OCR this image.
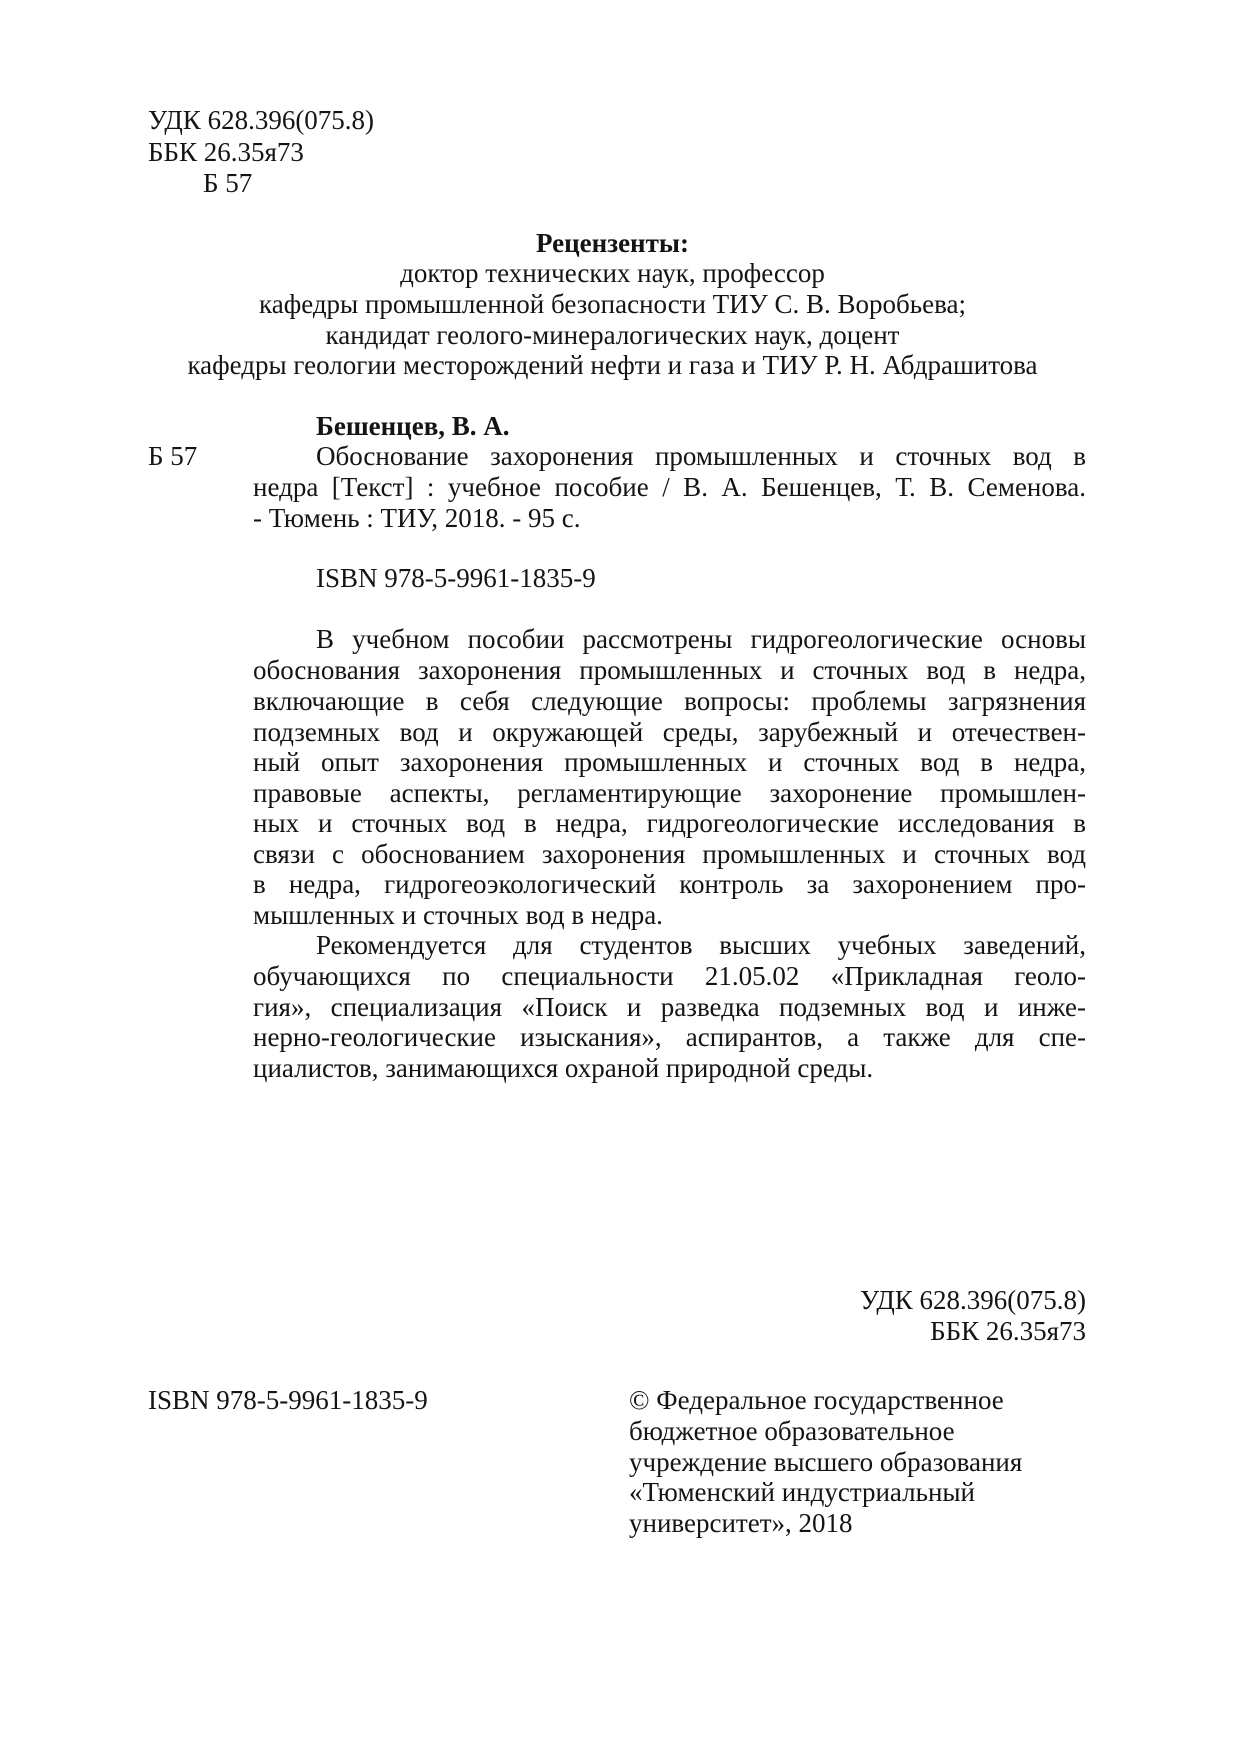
УДК 628.396(075.8)
ББК 26.35я73
Б 57
Рецензенты:
доктор технических наук, профессор
кафедры промышленной безопасности ТИУ С. В. Воробьева;
кандидат геолого-минералогических наук, доцент
кафедры геологии месторождений нефти и газа и ТИУ Р. Н. Абдрашитова
Бешенцев, В. А.
Б 57	Обоснование захоронения промышленных и сточных вод в
недра [Текст] : учебное пособие / В. А. Бешенцев, Т. В. Семенова.
- Тюмень : ТИУ, 2018. - 95 с.
ISBN 978-5-9961-1835-9
В учебном пособии рассмотрены гидрогеологические основы
обоснования захоронения промышленных и сточных вод в недра,
включающие в себя следующие вопросы: проблемы загрязнения
подземных вод и окружающей среды, зарубежный и отечествен-
ный опыт захоронения промышленных и сточных вод в недра,
правовые аспекты, регламентирующие захоронение промышлен-
ных и сточных вод в недра, гидрогеологические исследования в
связи с обоснованием захоронения промышленных и сточных вод
в недра, гидрогеоэкологический контроль за захоронением про-
мышленных и сточных вод в недра.
Рекомендуется для студентов высших учебных заведений,
обучающихся по специальности 21.05.02 «Прикладная геоло-
гия», специализация «Поиск и разведка подземных вод и инже-
нерно-геологические изыскания», аспирантов, а также для спе-
циалистов, занимающихся охраной природной среды.
УДК 628.396(075.8)
ББК 26.35я73
ISBN 978-5-9961-1835-9	© Федеральное государственное
бюджетное образовательное
учреждение высшего образования
«Тюменский индустриальный
университет», 2018
